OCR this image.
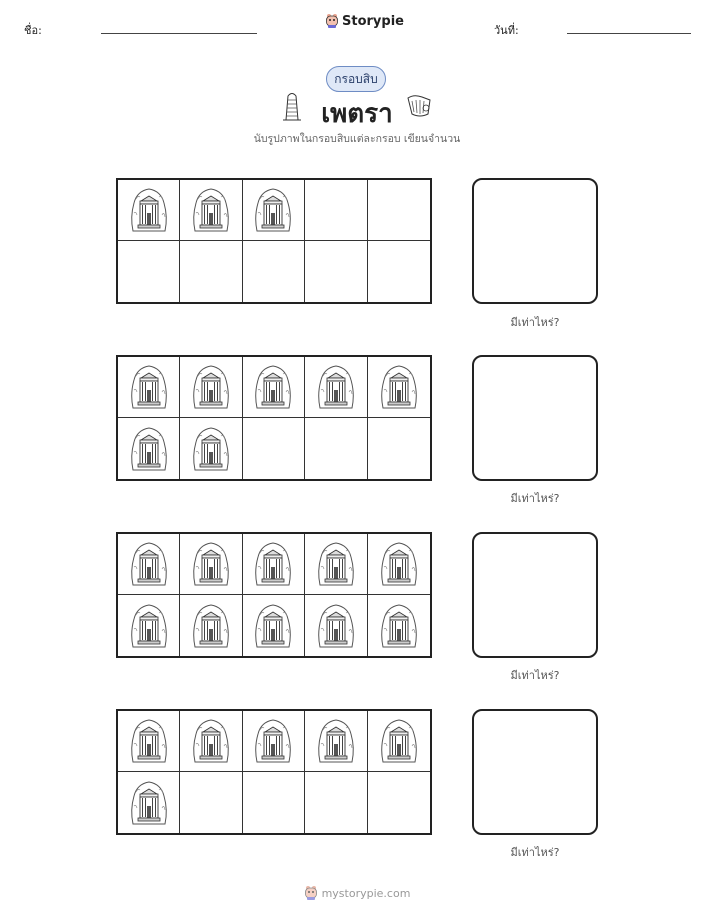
ชื่อ:
Storypie
วันที่:
กรอบสิบ
เพตรา
นับรูปภาพในกรอบสิบแต่ละกรอบ เขียนจำนวน
มีเท่าไหร่?
มีเท่าไหร่?
มีเท่าไหร่?
มีเท่าไหร่?
mystorypie.com
